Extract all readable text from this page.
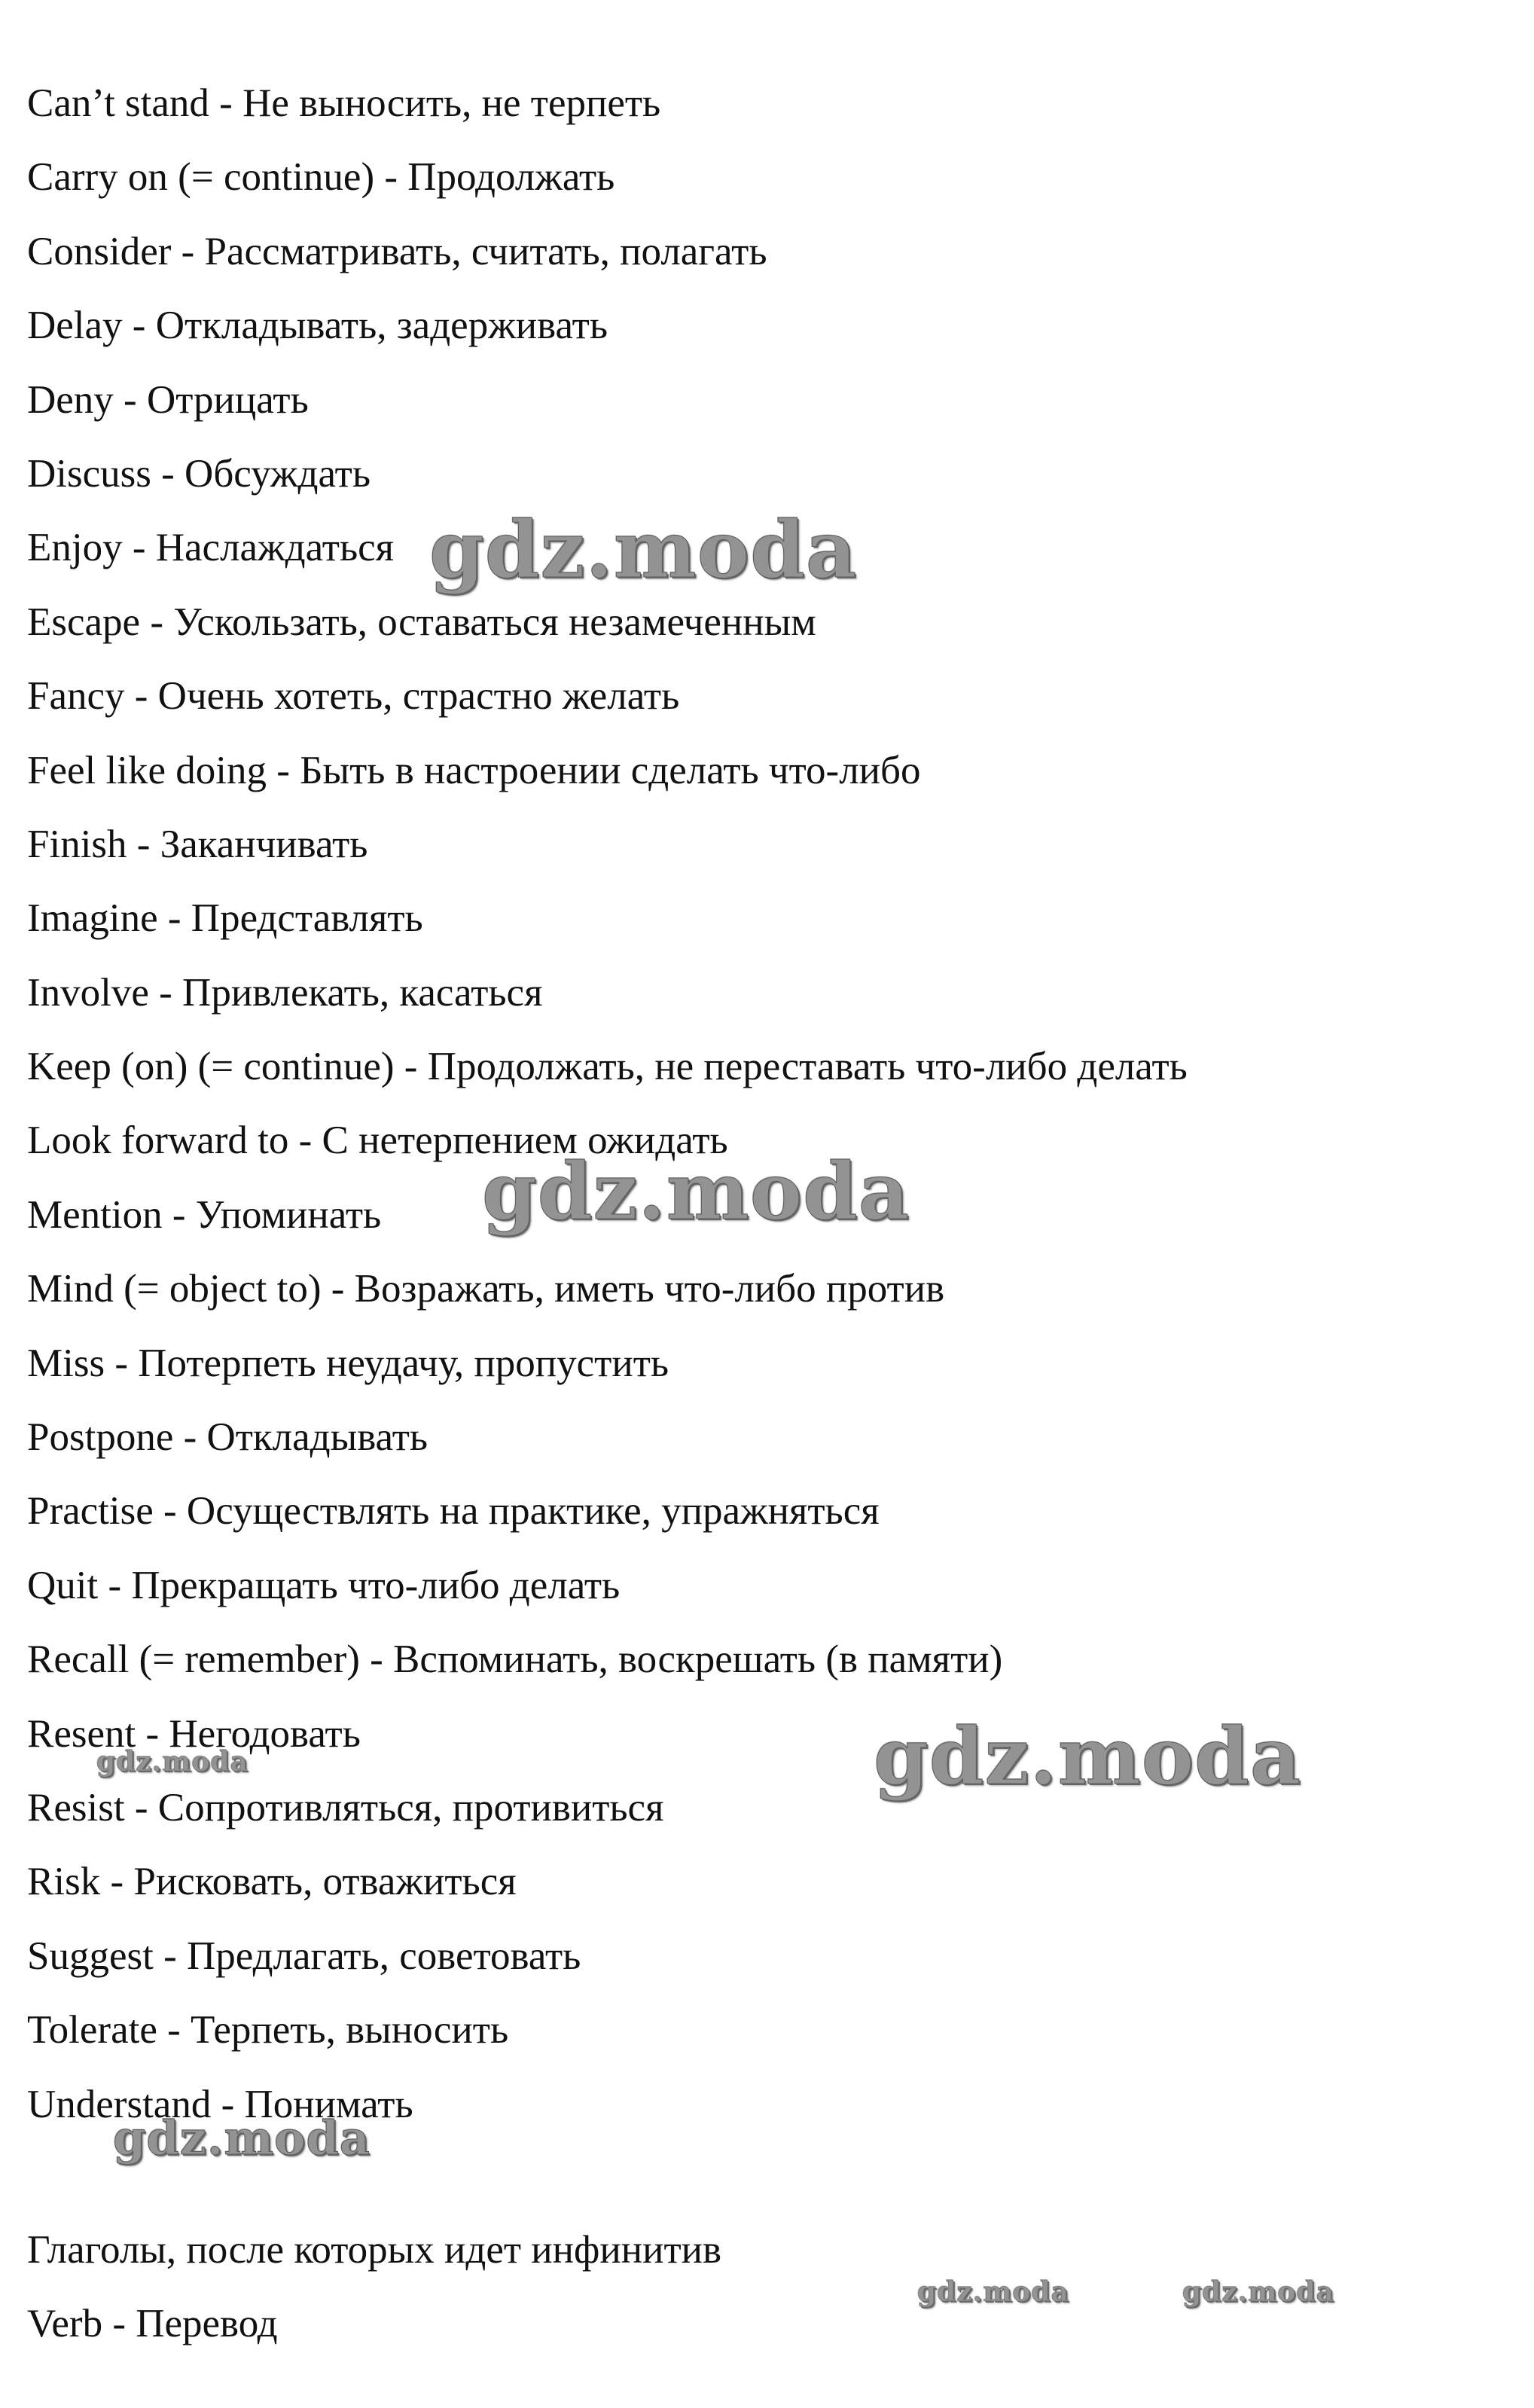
Can’t stand - Не выносить, не терпеть
Carry on (= continue) - Продолжать
Consider - Рассматривать, считать, полагать
Delay - Откладывать, задерживать
Deny - Отрицать
Discuss - Обсуждать
Enjoy - Наслаждаться
Escape - Ускользать, оставаться незамеченным
Fancy - Очень хотеть, страстно желать
Feel like doing - Быть в настроении сделать что-либо
Finish - Заканчивать
Imagine - Представлять
Involve - Привлекать, касаться
Keep (on) (= continue) - Продолжать, не переставать что-либо делать
Look forward to - С нетерпением ожидать
Mention - Упоминать
Mind (= object to) - Возражать, иметь что-либо против
Miss - Потерпеть неудачу, пропустить
Postpone - Откладывать
Practise - Осуществлять на практике, упражняться
Quit - Прекращать что-либо делать
Recall (= remember) - Вспоминать, воскрешать (в памяти)
Resent - Негодовать
Resist - Сопротивляться, противиться
Risk - Рисковать, отважиться
Suggest - Предлагать, советовать
Tolerate - Терпеть, выносить
Understand - Понимать
Глаголы, после которых идет инфинитив
Verb - Перевод
gdz.moda
gdz.moda
gdz.moda
gdz.moda
gdz.moda
gdz.moda	gdz.moda
